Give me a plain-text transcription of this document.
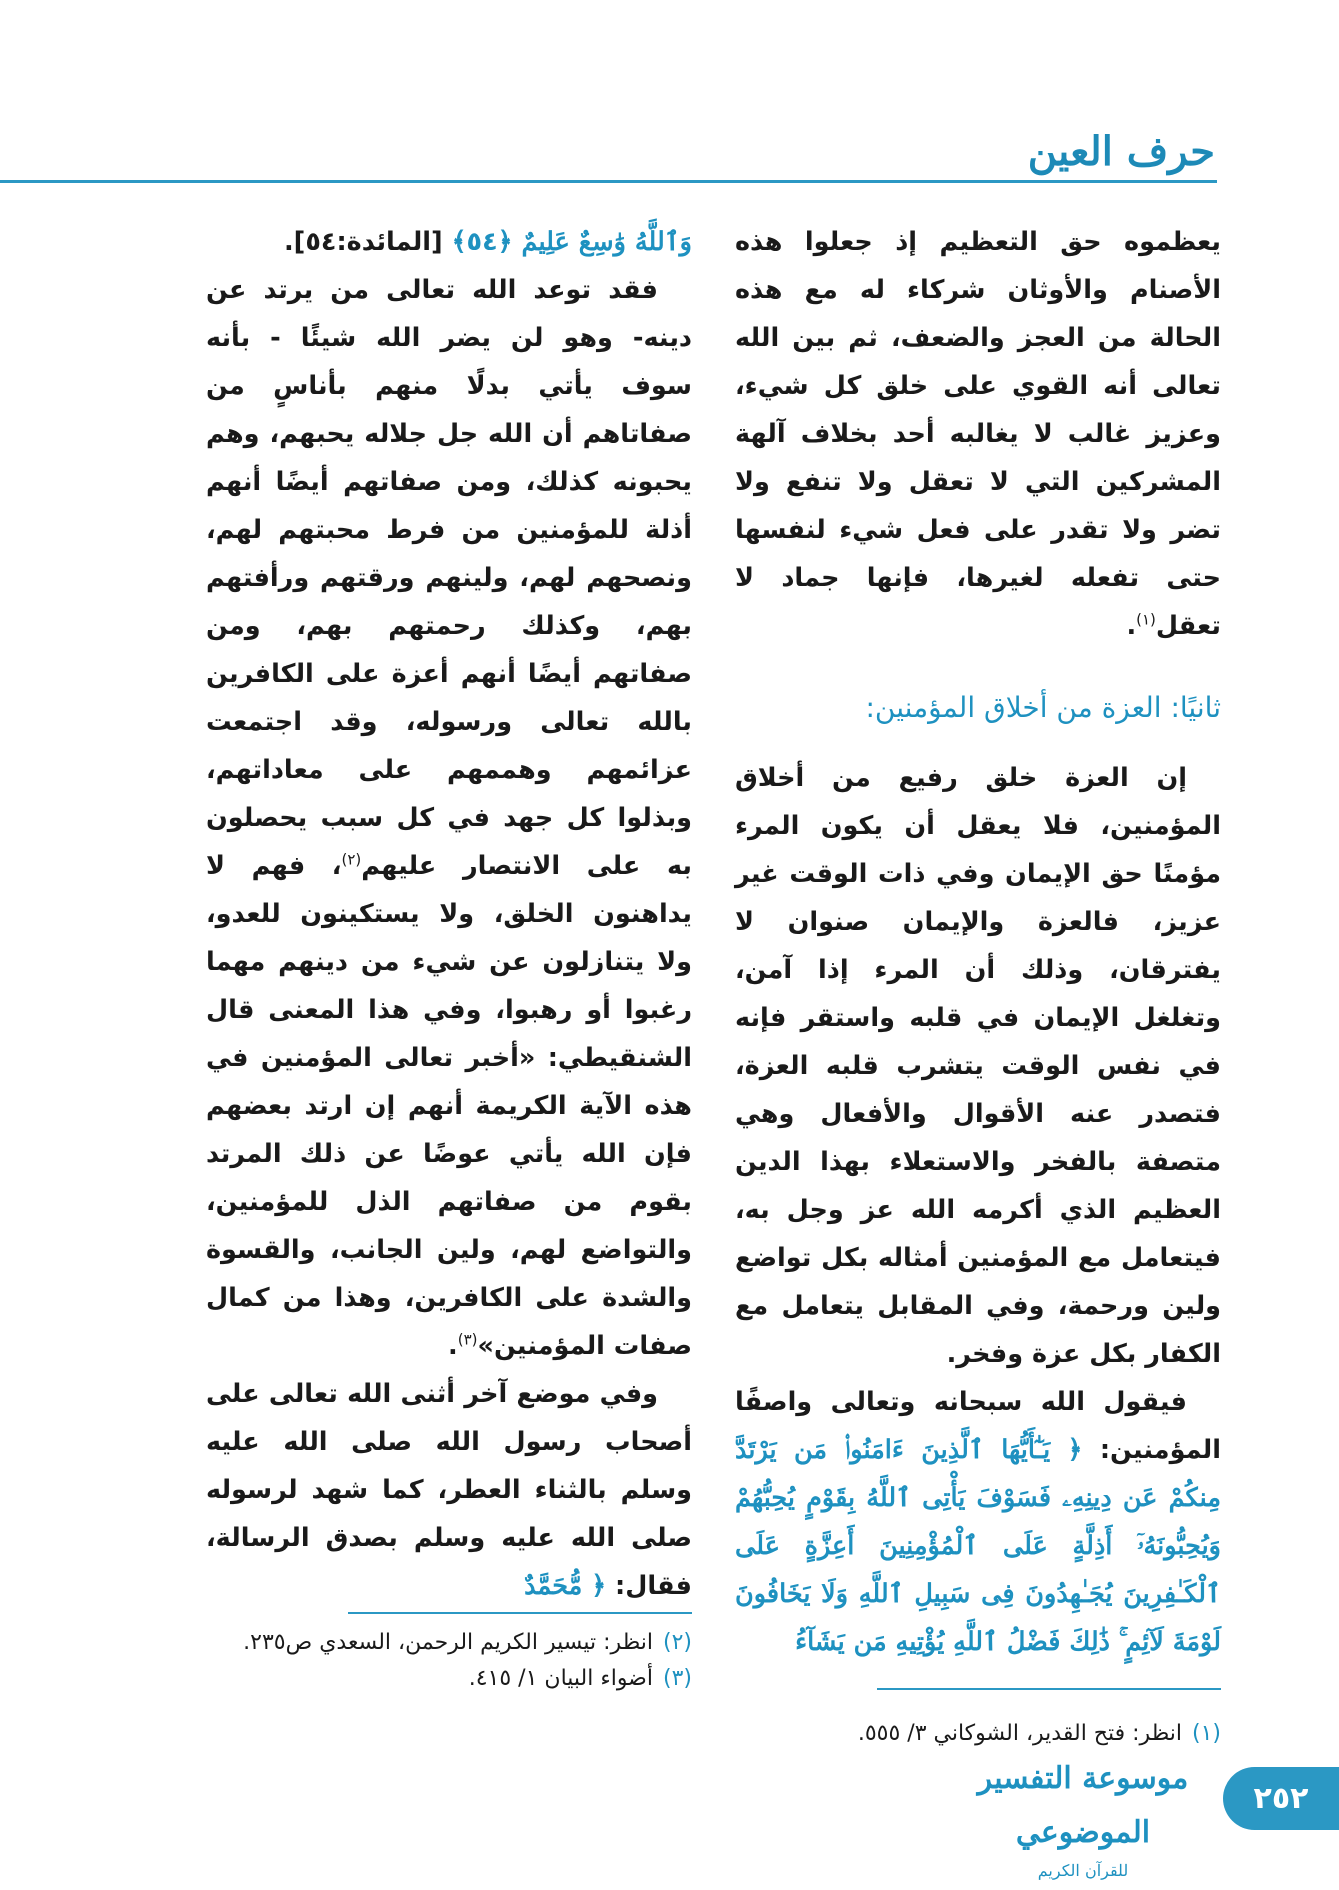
حرف العين

يعظموه حق التعظيم إذ جعلوا هذه الأصنام والأوثان شركاء له مع هذه الحالة من العجز والضعف، ثم بين الله تعالى أنه القوي على خلق كل شيء، وعزيز غالب لا يغالبه أحد بخلاف آلهة المشركين التي لا تعقل ولا تنفع ولا تضر ولا تقدر على فعل شيء لنفسها حتى تفعله لغيرها، فإنها جماد لا تعقل$^{(١)}$.

ثانيًا: العزة من أخلاق المؤمنين:

إن العزة خلق رفيع من أخلاق المؤمنين، فلا يعقل أن يكون المرء مؤمنًا حق الإيمان وفي ذات الوقت غير عزيز، فالعزة والإيمان صنوان لا يفترقان، وذلك أن المرء إذا آمن، وتغلغل الإيمان في قلبه واستقر فإنه في نفس الوقت يتشرب قلبه العزة، فتصدر عنه الأقوال والأفعال وهي متصفة بالفخر والاستعلاء بهذا الدين العظيم الذي أكرمه الله عز وجل به، فيتعامل مع المؤمنين أمثاله بكل تواضع ولين ورحمة، وفي المقابل يتعامل مع الكفار بكل عزة وفخر.

فيقول الله سبحانه وتعالى واصفًا المؤمنين: ﴿ يَـٰٓأَيُّهَا ٱلَّذِينَ ءَامَنُوا۟ مَن يَرْتَدَّ مِنكُمْ عَن دِينِهِۦ فَسَوْفَ يَأْتِى ٱللَّهُ بِقَوْمٍ يُحِبُّهُمْ وَيُحِبُّونَهُۥٓ أَذِلَّةٍ عَلَى ٱلْمُؤْمِنِينَ أَعِزَّةٍ عَلَى ٱلْكَـٰفِرِينَ يُجَـٰهِدُونَ فِى سَبِيلِ ٱللَّهِ وَلَا يَخَافُونَ لَوْمَةَ لَآئِمٍ ۚ ذَٰلِكَ فَضْلُ ٱللَّهِ يُؤْتِيهِ مَن يَشَآءُ

وَٱللَّهُ وَٰسِعٌ عَلِيمٌ ﴿٥٤﴾ [المائدة:٥٤].

فقد توعد الله تعالى من يرتد عن دينه- وهو لن يضر الله شيئًا - بأنه سوف يأتي بدلًا منهم بأناسٍ من صفاتاهم أن الله جل جلاله يحبهم، وهم يحبونه كذلك، ومن صفاتهم أيضًا أنهم أذلة للمؤمنين من فرط محبتهم لهم، ونصحهم لهم، ولينهم ورقتهم ورأفتهم بهم، وكذلك رحمتهم بهم، ومن صفاتهم أيضًا أنهم أعزة على الكافرين بالله تعالى ورسوله، وقد اجتمعت عزائمهم وهممهم على معاداتهم، وبذلوا كل جهد في كل سبب يحصلون به على الانتصار عليهم$^{(٢)}$، فهم لا يداهنون الخلق، ولا يستكينون للعدو، ولا يتنازلون عن شيء من دينهم مهما رغبوا أو رهبوا، وفي هذا المعنى قال الشنقيطي: «أخبر تعالى المؤمنين في هذه الآية الكريمة أنهم إن ارتد بعضهم فإن الله يأتي عوضًا عن ذلك المرتد بقوم من صفاتهم الذل للمؤمنين، والتواضع لهم، ولين الجانب، والقسوة والشدة على الكافرين، وهذا من كمال صفات المؤمنين»$^{(٣)}$.

وفي موضع آخر أثنى الله تعالى على أصحاب رسول الله صلى الله عليه وسلم بالثناء العطر، كما شهد لرسوله صلى الله عليه وسلم بصدق الرسالة، فقال: ﴿ مُّحَمَّدٌ

(٢)انظر: تيسير الكريم الرحمن، السعدي ص٢٣٥.

(٣)أضواء البيان ١/ ٤١٥.

(١)انظر: فتح القدير، الشوكاني ٣/ ٥٥٥.

٢٥٢
موسوعة التفسير الموضوعي
للقرآن الكريم
